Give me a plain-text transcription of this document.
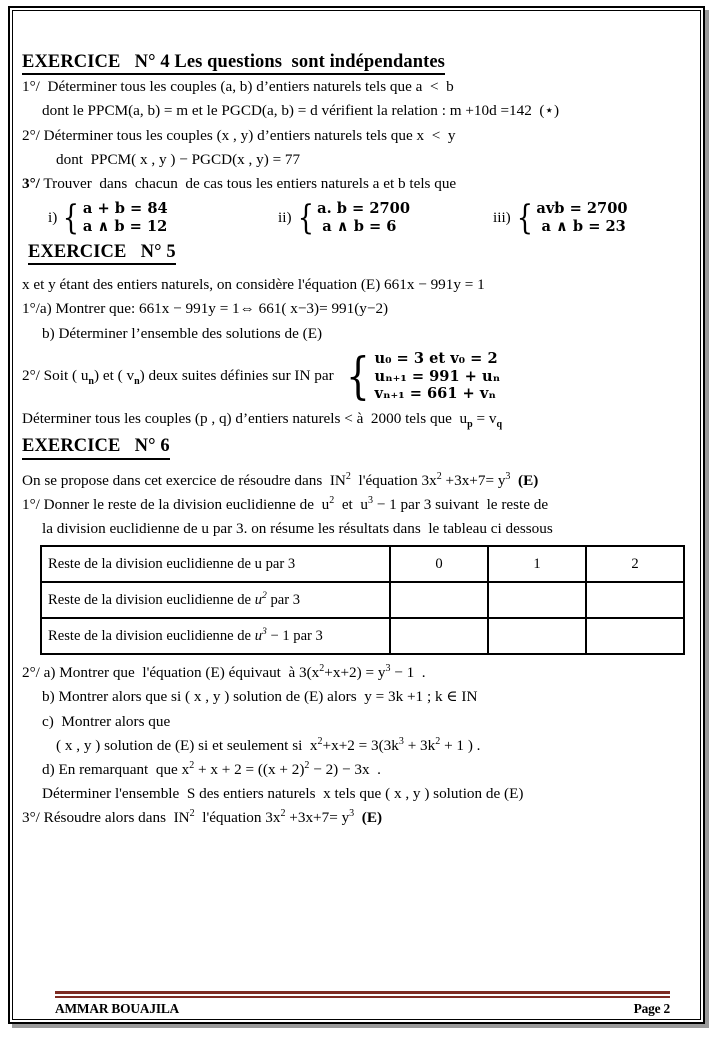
EXERCICE   N° 4 Les questions  sont indépendantes
1°/  Déterminer tous les couples (a, b) d’entiers naturels tels que a  <  b
dont le PPCM(a, b) = m et le PGCD(a, b) = d vérifient la relation : m +10d =142  (⋆)
2°/ Déterminer tous les couples (x , y) d’entiers naturels tels que x  <  y
dont  PPCM( x , y ) − PGCD(x , y) = 77
3°/ Trouver  dans  chacun  de cas tous les entiers naturels a et b tels que
i) { a + b = 84
a ∧ b = 12
ii) { a. b = 2700
a ∧ b = 6
iii) { avb = 2700
a ∧ b = 23
EXERCICE   N° 5
x et y étant des entiers naturels, on considère l'équation (E) 661x − 991y = 1
1°/a) Montrer que: 661x − 991y = 1⇔ 661( x−3)= 991(y−2)
b) Déterminer l’ensemble des solutions de (E)
2°/ Soit ( $u_n$) et ( $v_n$) deux suites définies sur IN par { u₀ = 3 et v₀ = 2
uₙ₊₁ = 991 + uₙ
vₙ₊₁ = 661 + vₙ
Déterminer tous les couples (p , q) d’entiers naturels < à  2000 tels que  $u_p = v_q$
EXERCICE   N° 6
On se propose dans cet exercice de résoudre dans  $IN^2$  l'équation $3x^2 +3x+7= y^3$  (E)
1°/ Donner le reste de la division euclidienne de  $u^2$  et  $u^3 - 1$ par 3 suivant  le reste de
la division euclidienne de u par 3. on résume les résultats dans  le tableau ci dessous
Reste de la division euclidienne de u par 3	0	1	2
Reste de la division euclidienne de $u^2$ par 3			
Reste de la division euclidienne de $u^3 - 1$ par 3			
2°/ a) Montrer que  l'équation (E) équivaut  à $3(x^2+x+2) = y^3 - 1$  .
b) Montrer alors que si ( x , y ) solution de (E) alors  y = 3k +1 ; k ∈ IN
c)  Montrer alors que
( x , y ) solution de (E) si et seulement si  $x^2+x+2 = 3(3k^3 + 3k^2 + 1$ ) .
d) En remarquant  que $x^2 + x + 2 = ((x + 2)^2 - 2) - 3x$  .
Déterminer l'ensemble  S des entiers naturels  x tels que ( x , y ) solution de (E)
3°/ Résoudre alors dans  $IN^2$  l'équation $3x^2 +3x+7= y^3$  (E)
AMMAR BOUAJILA	Page 2
